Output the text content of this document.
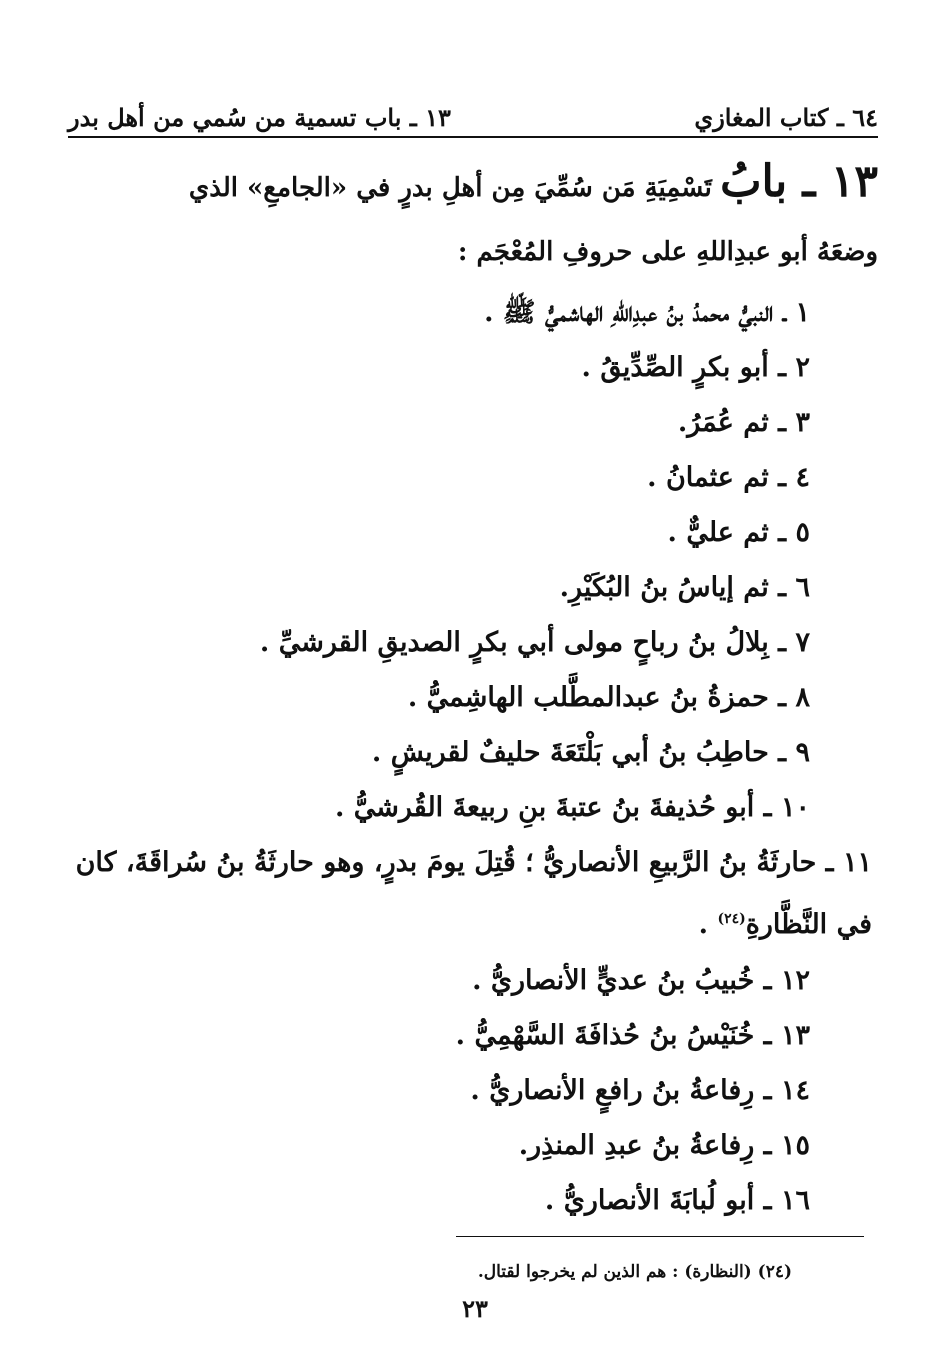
٦٤ ـ كتاب المغازي
١٣ ـ باب تسمية من سُمي من أهل بدر
١٣ ـ بابُ تَسْمِيَةِ مَن سُمِّيَ مِن أهلِ بدرٍ في «الجامعِ» الذي
وضعَهُ أبو عبدِاللهِ على حروفِ المُعْجَم :
١ ـ النبيُّ محمدُ بنُ عبدِاللهِ الهاشميُّ ﷺ .
٢ ـ أبو بكرٍ الصِّدِّيقُ .
٣ ـ ثم عُمَرُ.
٤ ـ ثم عثمانُ .
٥ ـ ثم عليٌّ .
٦ ـ ثم إياسُ بنُ البُكَيْرِ.
٧ ـ بِلالُ بنُ رباحٍ مولى أبي بكرٍ الصديقِ القرشيِّ .
٨ ـ حمزةُ بنُ عبدالمطَّلب الهاشِميُّ .
٩ ـ حاطِبُ بنُ أبي بَلْتَعَةَ حليفٌ لقريشٍ .
١٠ ـ أبو حُذيفةَ بنُ عتبةَ بنِ ربيعةَ القُرشيُّ .
١١ ـ حارثَةُ بنُ الرَّبيعِ الأنصاريُّ ؛ قُتِلَ يومَ بدرٍ، وهو حارثَةُ بنُ سُراقَةَ، كان
في النَّظَّارةِ$^{(٢٤)}$ .
١٢ ـ خُبيبُ بنُ عديٍّ الأنصاريُّ .
١٣ ـ خُنَيْسُ بنُ حُذافَةَ السَّهْمِيُّ .
١٤ ـ رِفاعةُ بنُ رافعٍ الأنصاريُّ .
١٥ ـ رِفاعةُ بنُ عبدِ المنذِر.
١٦ ـ أبو لُبابَةَ الأنصاريُّ .
(٢٤) (النظارة) : هم الذين لم يخرجوا لقتال.
٢٣
